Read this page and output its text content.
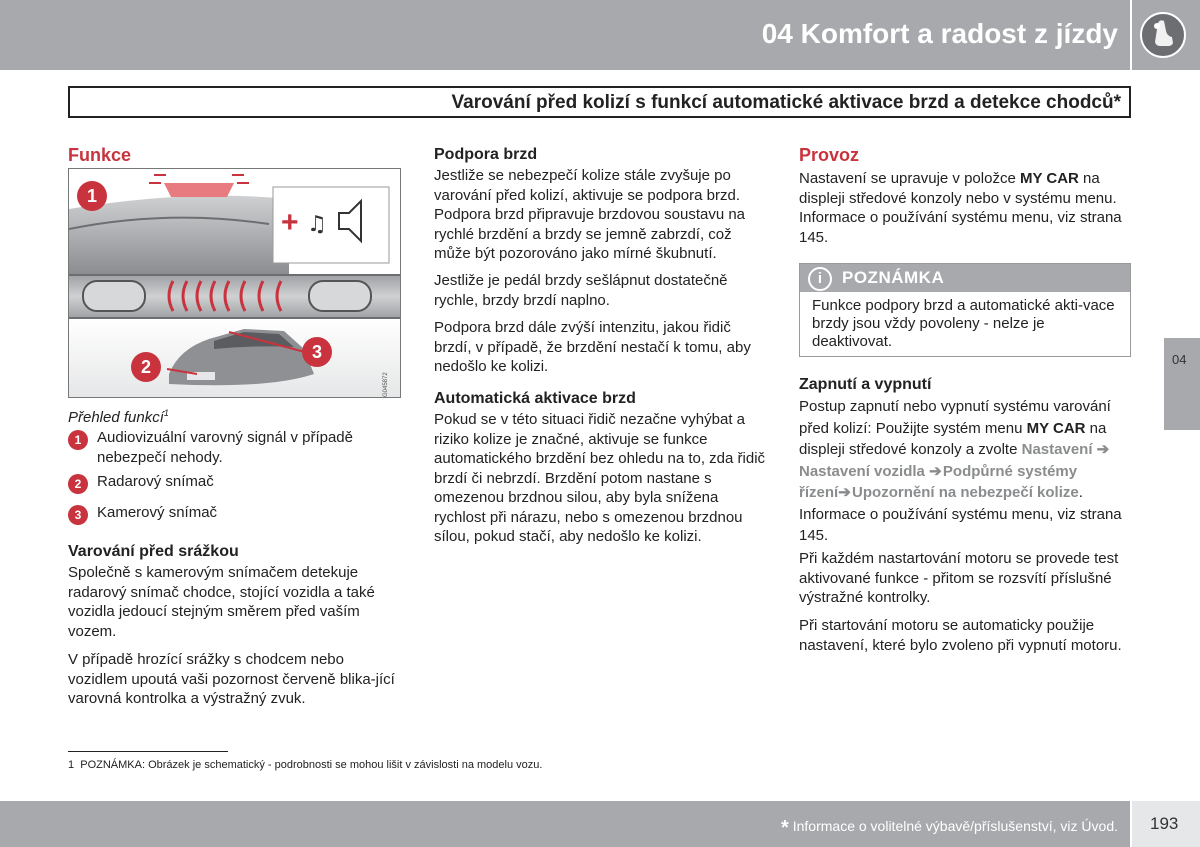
04 Komfort a radost z jízdy
Varování před kolizí s funkcí automatické aktivace brzd a detekce chodců*
Funkce
+ ♫
G045872
1
2
3
Přehled funkcí$^1$
1	Audiovizuální varovný signál v případě nebezpečí nehody.
2	Radarový snímač
3	Kamerový snímač
Varování před srážkou
Společně s kamerovým snímačem detekuje radarový snímač chodce, stojící vozidla a také vozidla jedoucí stejným směrem před vaším vozem.
V případě hrozící srážky s chodcem nebo vozidlem upoutá vaši pozornost červeně blika-jící varovná kontrolka a výstražný zvuk.
Podpora brzd
Jestliže se nebezpečí kolize stále zvyšuje po varování před kolizí, aktivuje se podpora brzd. Podpora brzd připravuje brzdovou soustavu na rychlé brzdění a brzdy se jemně zabrzdí, což může být pozorováno jako mírné škubnutí.
Jestliže je pedál brzdy sešlápnut dostatečně rychle, brzdy brzdí naplno.
Podpora brzd dále zvýší intenzitu, jakou řidič brzdí, v případě, že brzdění nestačí k tomu, aby nedošlo ke kolizi.
Automatická aktivace brzd
Pokud se v této situaci řidič nezačne vyhýbat a riziko kolize je značné, aktivuje se funkce automatického brzdění bez ohledu na to, zda řidič brzdí či nebrzdí. Brzdění potom nastane s omezenou brzdnou silou, aby byla snížena rychlost při nárazu, nebo s omezenou brzdnou sílou, pokud stačí, aby nedošlo ke kolizi.
Provoz
Nastavení se upravuje v položce MY CAR na displeji středové konzoly nebo v systému menu. Informace o používání systému menu, viz strana 145.
i	POZNÁMKA
Funkce podpory brzd a automatické akti-vace brzdy jsou vždy povoleny - nelze je deaktivovat.
Zapnutí a vypnutí
Postup zapnutí nebo vypnutí systému varování před kolizí: Použijte systém menu MY CAR na displeji středové konzoly a zvolte Nastavení ➔ Nastavení vozidla ➔ Podpůrné systémy řízení➔ Upozornění na nebezpečí kolize. Informace o používání systému menu, viz strana 145.
Při každém nastartování motoru se provede test aktivované funkce - přitom se rozsvítí příslušné výstražné kontrolky.
Při startování motoru se automaticky použije nastavení, které bylo zvoleno při vypnutí motoru.
04
1 POZNÁMKA: Obrázek je schematický - podrobnosti se mohou lišit v závislosti na modelu vozu.
* Informace o volitelné výbavě/příslušenství, viz Úvod. 193
